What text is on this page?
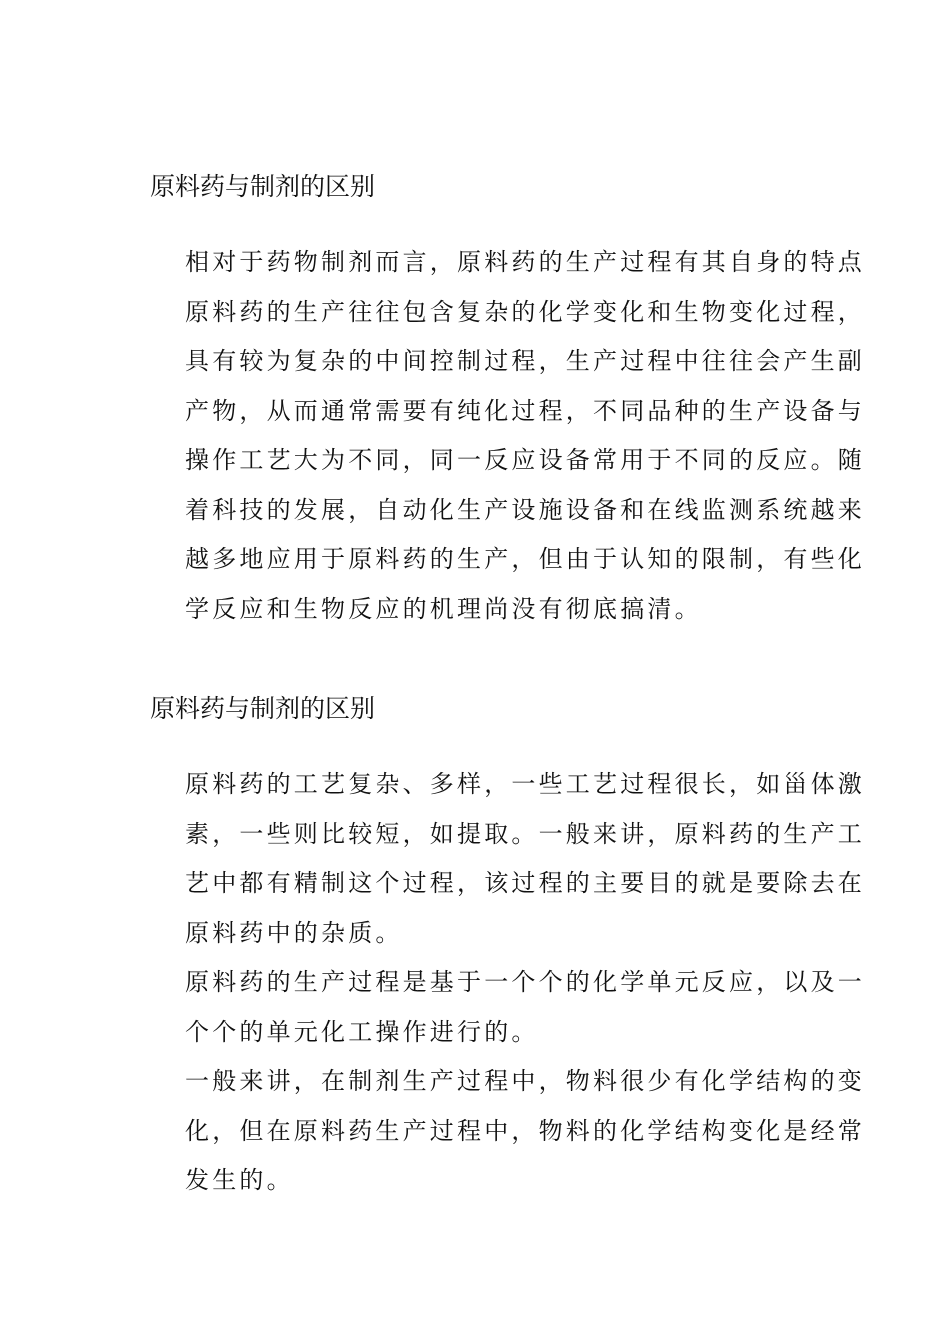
原料药与制剂的区别
相对于药物制剂而言，原料药的生产过程有其自身的特点
原料药的生产往往包含复杂的化学变化和生物变化过程，
具有较为复杂的中间控制过程，生产过程中往往会产生副
产物，从而通常需要有纯化过程，不同品种的生产设备与
操作工艺大为不同，同一反应设备常用于不同的反应。随
着科技的发展，自动化生产设施设备和在线监测系统越来
越多地应用于原料药的生产，但由于认知的限制，有些化
学反应和生物反应的机理尚没有彻底搞清。
原料药与制剂的区别
原料药的工艺复杂、多样，一些工艺过程很长，如甾体激
素，一些则比较短，如提取。一般来讲，原料药的生产工
艺中都有精制这个过程，该过程的主要目的就是要除去在
原料药中的杂质。
原料药的生产过程是基于一个个的化学单元反应，以及一
个个的单元化工操作进行的。
一般来讲，在制剂生产过程中，物料很少有化学结构的变
化，但在原料药生产过程中，物料的化学结构变化是经常
发生的。
